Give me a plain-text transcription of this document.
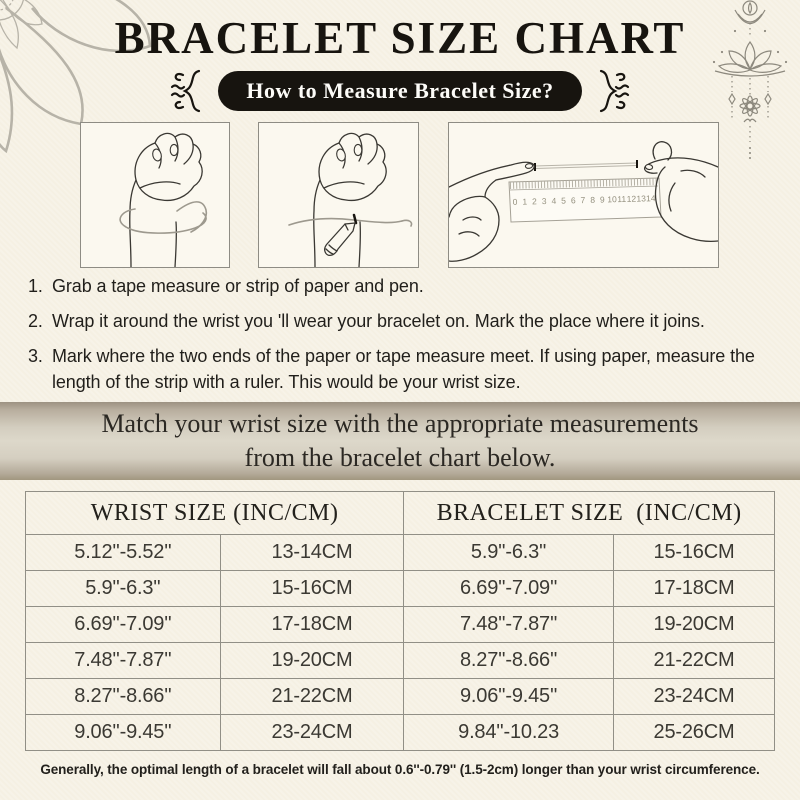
BRACELET SIZE CHART
How to Measure Bracelet Size?
0 1 2 3 4 5 6 7 8 9 10 11 12 13 14
1. Grab a tape measure or strip of paper and pen.
2. Wrap it around the wrist you 'll wear your bracelet on. Mark the place where it joins.
3. Mark where the two ends of the paper or tape measure meet. If using paper, measure the length of the strip with a ruler. This would be your wrist size.
Match your wrist size with the appropriate measurements
from the bracelet chart below.
WRIST SIZE (INC/CM)		BRACELET SIZE  (INC/CM)	
5.12''-5.52''	13-14CM	5.9''-6.3''	15-16CM
5.9''-6.3''	15-16CM	6.69''-7.09''	17-18CM
6.69''-7.09''	17-18CM	7.48''-7.87''	19-20CM
7.48''-7.87''	19-20CM	8.27''-8.66''	21-22CM
8.27''-8.66''	21-22CM	9.06''-9.45''	23-24CM
9.06''-9.45''	23-24CM	9.84''-10.23	25-26CM
Generally, the optimal length of a bracelet will fall about 0.6''-0.79'' (1.5-2cm) longer than your wrist circumference.
